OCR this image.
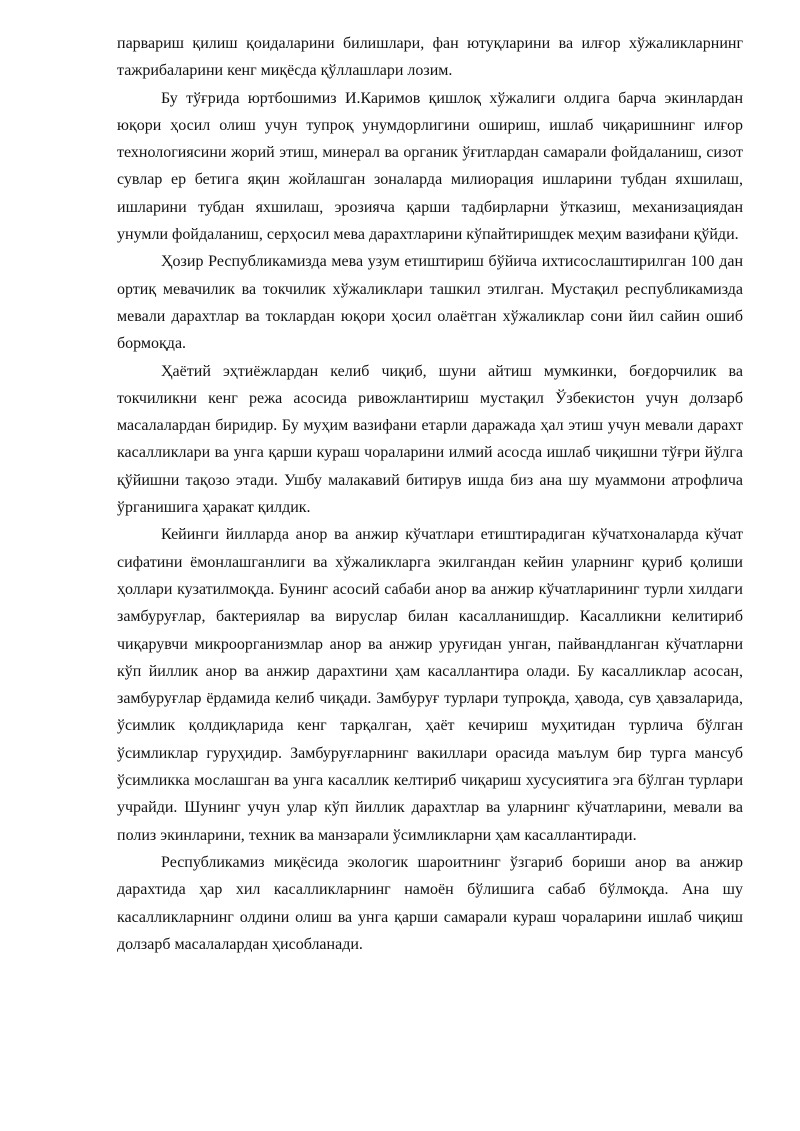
парвариш қилиш қоидаларини билишлари, фан ютуқларини ва илғор хўжаликларнинг тажрибаларини кенг миқёсда қўллашлари лозим.

Бу тўғрида юртбошимиз И.Каримов қишлоқ хўжалиги олдига барча экинлардан юқори ҳосил олиш учун тупроқ унумдорлигини ошириш, ишлаб чиқаришнинг илғор технологиясини жорий этиш, минерал ва органик ўғитлардан самарали фойдаланиш, сизот сувлар ер бетига яқин жойлашган зоналарда милиорация ишларини тубдан яхшилаш, ишларини тубдан яхшилаш, эрозияча қарши тадбирларни ўтказиш, механизациядан унумли фойдаланиш, серҳосил мева дарахтларини кўпайтиришдек меҳим вазифани қўйди.

Ҳозир Республикамизда мева узум етиштириш бўйича ихтисослаштирилган 100 дан ортиқ мевачилик ва токчилик хўжаликлари ташкил этилган. Мустақил республикамизда мевали дарахтлар ва токлардан юқори ҳосил олаётган хўжаликлар сони йил сайин ошиб бормоқда.

Ҳаётий эҳтиёжлардан келиб чиқиб, шуни айтиш мумкинки, боғдорчилик ва токчиликни кенг режа асосида ривожлантириш мустақил Ўзбекистон учун долзарб масалалардан биридир. Бу муҳим вазифани етарли даражада ҳал этиш учун мевали дарахт касалликлари ва унга қарши кураш чораларини илмий асосда ишлаб чиқишни тўғри йўлга қўйишни тақозо этади. Ушбу малакавий битирув ишда биз ана шу муаммони атрофлича ўрганишига ҳаракат қилдик.

Кейинги йилларда анор ва анжир кўчатлари етиштирадиган кўчатхоналарда кўчат сифатини ёмонлашганлиги ва хўжаликларга экилгандан кейин уларнинг қуриб қолиши ҳоллари кузатилмоқда. Бунинг асосий сабаби анор ва анжир кўчатларининг турли хилдаги замбуруғлар, бактериялар ва вируслар билан касалланишдир. Касалликни келитириб чиқарувчи микроорганизмлар анор ва анжир уруғидан унган, пайвандланган кўчатларни кўп йиллик анор ва анжир дарахтини ҳам касаллантира олади. Бу касалликлар асосан, замбуруғлар ёрдамида келиб чиқади. Замбуруғ турлари тупроқда, ҳавода, сув ҳавзаларида, ўсимлик қолдиқларида кенг тарқалган, ҳаёт кечириш муҳитидан турлича бўлган ўсимликлар гуруҳидир. Замбуруғларнинг вакиллари орасида маълум бир турга мансуб ўсимликка мослашган ва унга касаллик келтириб чиқариш хусусиятига эга бўлган турлари учрайди. Шунинг учун улар кўп йиллик дарахтлар ва уларнинг кўчатларини, мевали ва полиз экинларини, техник ва манзарали ўсимликларни ҳам касаллантиради.

Республикамиз миқёсида экологик шароитнинг ўзгариб бориши анор ва анжир дарахтида ҳар хил касалликларнинг намоён бўлишига сабаб бўлмоқда. Ана шу касалликларнинг олдини олиш ва унга қарши самарали кураш чораларини ишлаб чиқиш долзарб масалалардан ҳисобланади.
